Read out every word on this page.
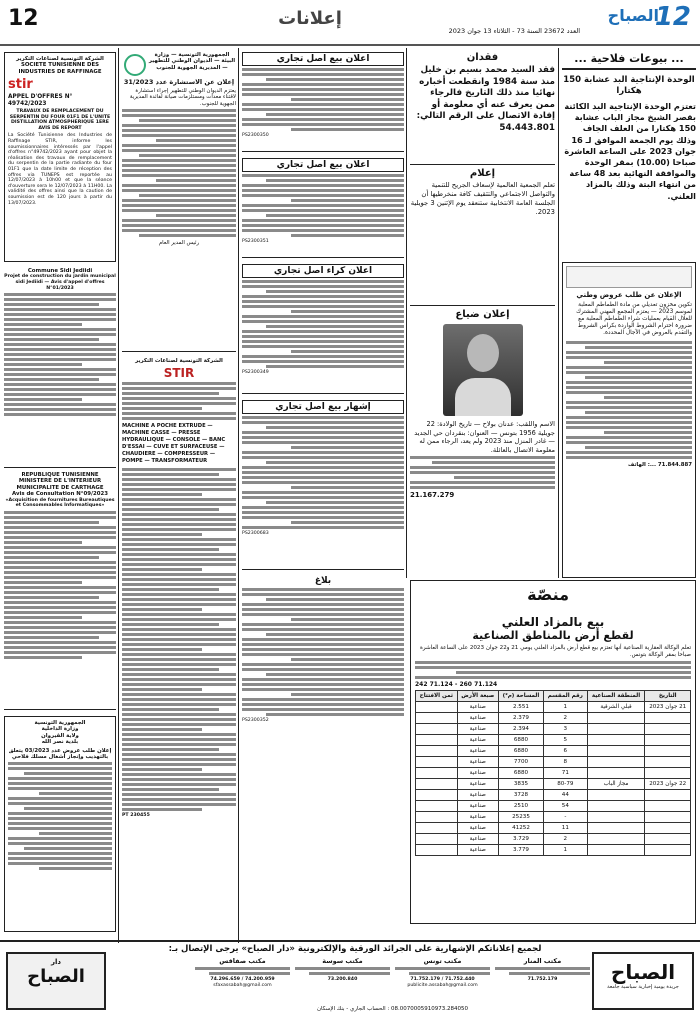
12	إعلانات
العدد 23672 السنة 73 - الثلاثاء 13 جوان 2023	12
الصباح
... بيوعات فلاحية ...
الوحدة الإنتاجية البد عشابة 150 هكتارا
تعتزم الوحدة الإنتاجية البد الكائنة بقصر الشيخ مجاز الباب عشابة 150 هكتارا من العلف الجاف وذلك يوم الجمعة الموافق لـ 16 جوان 2023 على الساعة العاشرة صباحا (10.00) بمقر الوحدة والموافقة النهائية بعد 48 ساعة من انتهاء البتة وذلك بالمزاد العلني.
الإعلان عن طلب عروض وطني
تكوين مخزون تعديلي من مادة الطماطم المعلبة لموسم 2023 — يعتزم المجمع المهني المشترك للغلال القيام بعمليات شراء الطماطم المعلبة مع ضرورة احترام الشروط الواردة بكراس الشروط والتقدم بالعروض في الآجال المحددة.
71.844.887 ...: الهاتف
فقدان
فقد السيد محمد بسيم بن خليل منذ سنة 1984 وانقطعت أخباره نهائيا منذ ذلك التاريخ فالرجاء ممن يعرف عنه أي معلومة أو إفادة الاتصال على الرقم التالي: 54.443.801
إعلام
تعلم الجمعية العالمية لإسعاف الجريح للتنمية والتواصل الاجتماعي والتثقيف كافة منخرطيها أن الجلسة العامة الانتخابية ستنعقد يوم الإثنين 3 جويلية 2023.
إعلان ضياع
الاسم واللقب: عدنان بولاح — تاريخ الولادة: 22 جويلية 1956 بتونس — العنوان: بنقردان حي الجديد — غادر المنزل منذ 2023 ولم يعد، الرجاء ممن له معلومة الاتصال بالعائلة.
21.167.279
منصّة
بيع بالمزاد العلني
لقطع أرض بالمناطق الصناعية
تعلم الوكالة العقارية الصناعية أنها تعتزم بيع قطع أرض بالمزاد العلني يومي 21 و22 جوان 2023 على الساعة العاشرة صباحا بمقر الوكالة بتونس.
71.124 260 - 71.124 242
التاريخ	المنطقة الصناعية	رقم المقسم	المساحة (م²)	صبغة الأرض	ثمن الافتتاح
21 جوان 2023	قبلي الشرقية	1	2.551	صناعية	
		2	2.379	صناعية	
		3	2.394	صناعية	
		5	6880	صناعية	
		6	6880	صناعية	
		8	7700	صناعية	
		71	6880	صناعية	
22 جوان 2023	مجاز الباب	80-79	3835	صناعية	
		44	3728	صناعية	
		54	2510	صناعية	
		-	25235	صناعية	
		11	41252	صناعية	
		2	3.729	صناعية	
		1	3.779	صناعية	
اعلان بيع اصل تجاري
PS2300350
اعلان بيع اصل تجاري
PS2300351
اعلان كراء اصل تجاري
PS2300349
إشهار بيع اصل تجاري
PS2300683
بلاغ
PS2300352
الجمهورية التونسية — وزارة البيئة — الديوان الوطني للتطهير — المديرية الجهوية للجنوب
إعلان عن الاستشارة عدد 31/2023
يعتزم الديوان الوطني للتطهير إجراء استشارة لاقتناء معدات ومستلزمات صيانة لفائدة المديرية الجهوية للجنوب.
رئيس المدير العام
الشركة التونسية لصناعات التكرير
STIR
MACHINE A POCHE EXTRUDE — MACHINE CASSE — PRESSE HYDRAULIQUE — CONSOLE — BANC D'ESSAI — CUVE ET SURFACEUSE — CHAUDIERE — COMPRESSEUR — POMPE — TRANSFORMATEUR
PT 230455
الشركة التونسية لصناعات التكرير
SOCIETE TUNISIENNE DES
INDUSTRIES DE RAFFINAGE
stir
APPEL D'OFFRES N° 49742/2023
TRAVAUX DE REMPLACEMENT DU SERPENTIN DU FOUR 01F1 DE L'UNITE DISTILLATION ATMOSPHERIQUE 1ERE AVIS DE REPORT
La Société Tunisienne des Industries de Raffinage STIR, informe les soumissionnaires intéressés par l'appel d'offres n°49742/2023 ayant pour objet la réalisation des travaux de remplacement du serpentin de la partie radiante du four 01F1 que la date limite de réception des offres via TUNEPS est reportée au 12/07/2023 à 10h00 et que la séance d'ouverture sera le 12/07/2023 à 11H00. La validité des offres ainsi que la caution de soumission est de 120 jours à partir du 13/07/2023.
Commune Sidi Jediidi
Projet de construction du jardin municipal sidi Jediidi — Avis d'appel d'offres N°01/2023
REPUBLIQUE TUNISIENNE
MINISTERE DE L'INTERIEUR
MUNICIPALITE DE CARTHAGE
Avis de Consultation N°09/2023
«Acquisition de fournitures Bureautiques et Consommables Informatiques»
الجمهورية التونسية
وزارة الداخلية
ولاية القيروان
بلدية نصر الله
إعلان طلب عروض عدد 03/2023 يتعلق بالتهذيب وإنجاز أشغال مسلك فلاحي
لجميع إعلاناتكم الإشهارية على الجرائد الورقية والإلكترونية «دار الصباح» يرجى الإتصال بـ:
مكتب المنار
71.752.179
مكتب تونس
71.752.440 / 71.752.179
publicite.assabah@gmail.com
مكتب سوسة
73.200.840
مكتب صفاقس
74.200.959 / 74.296.659
sfaxassabah@gmail.com
08.0070005910973.284050 : الحساب الجاري - بنك الإسكان
دار
الصباح	الصباح
جريدة يومية إخبارية سياسية جامعة
